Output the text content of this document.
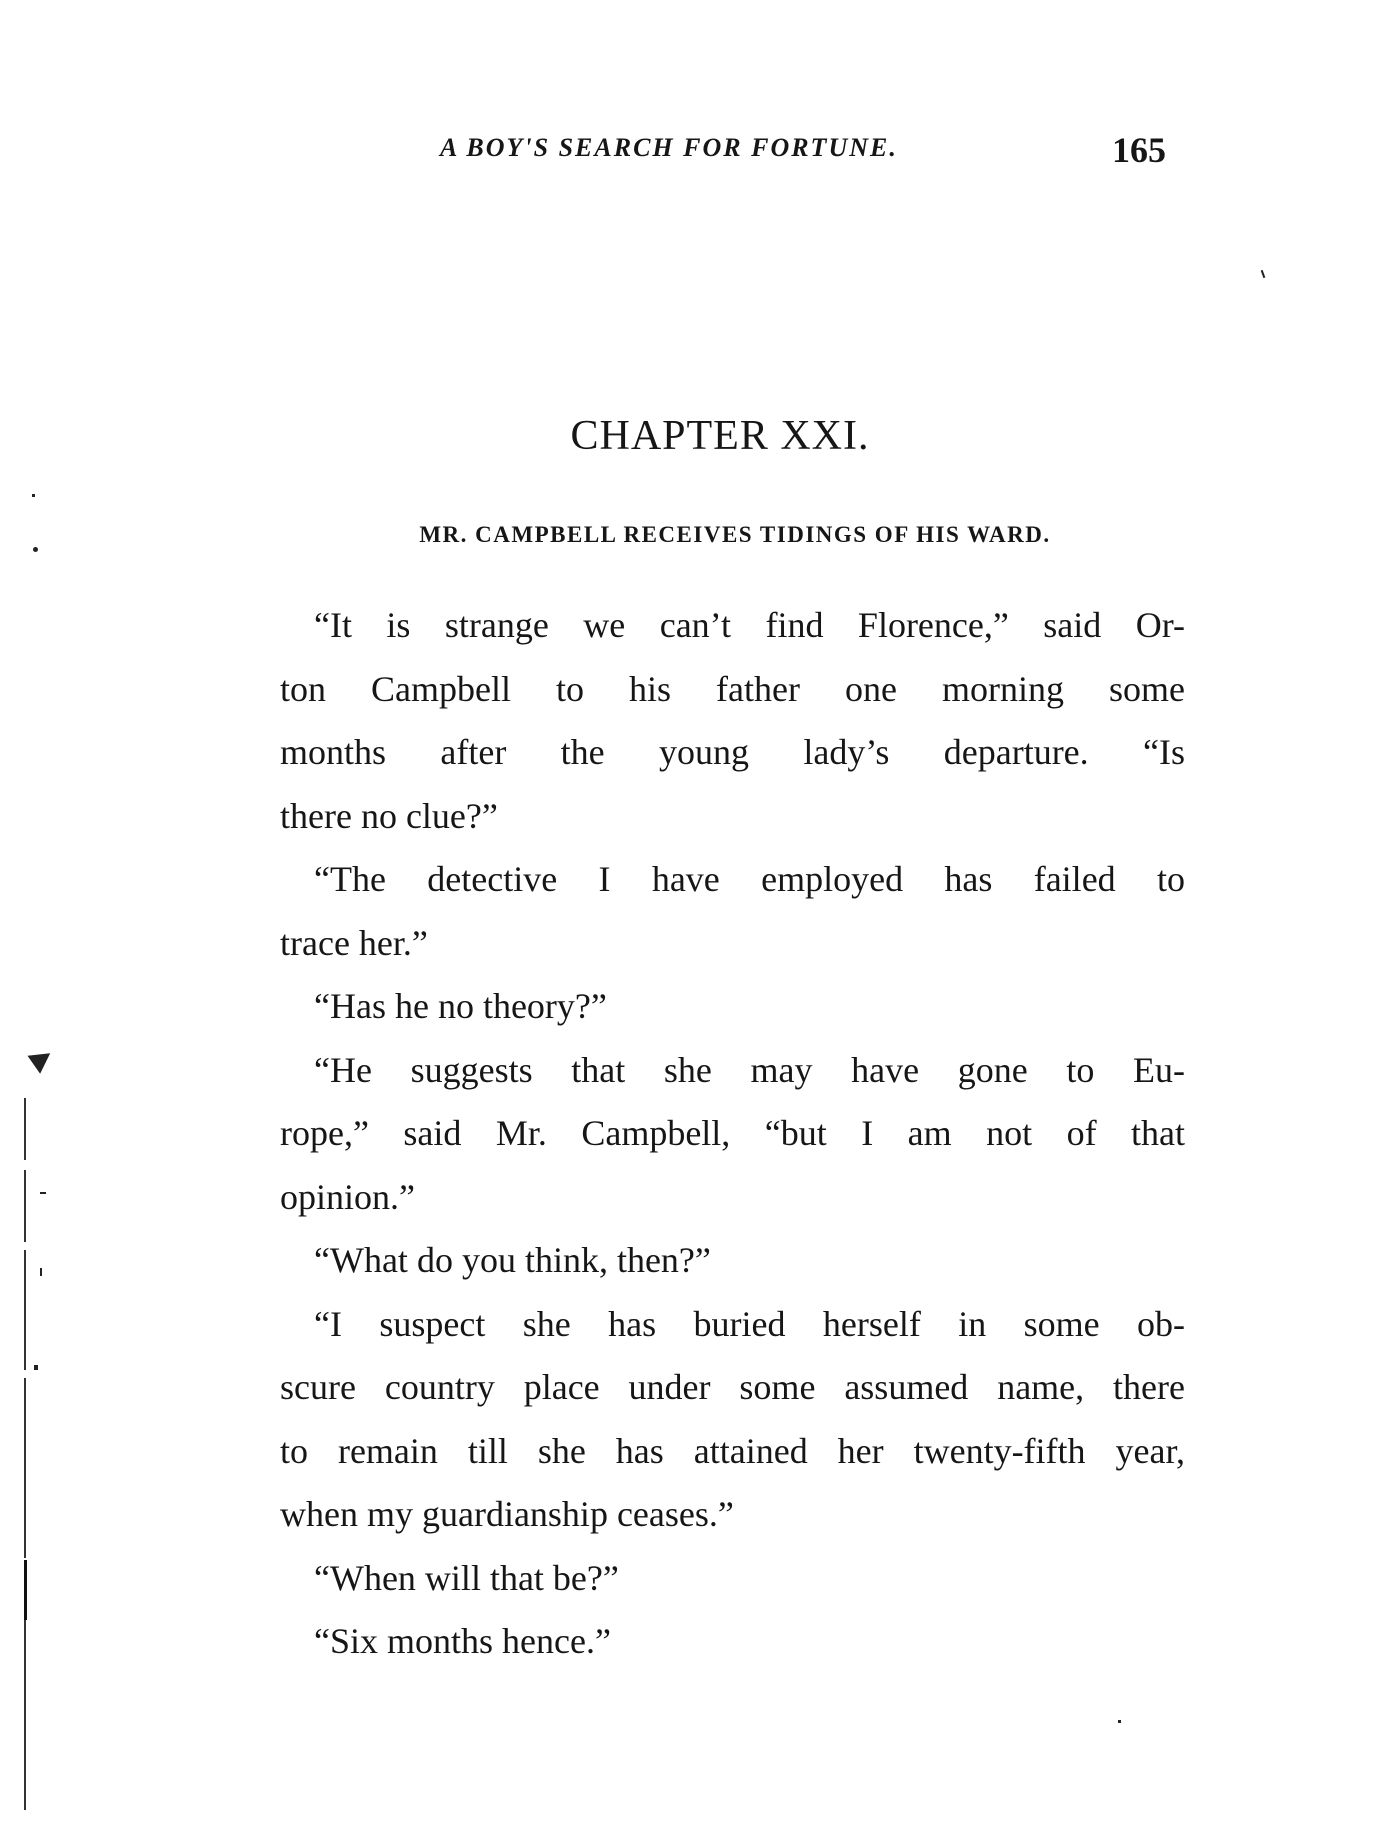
A BOY'S SEARCH FOR FORTUNE.	165
CHAPTER XXI.
MR. CAMPBELL RECEIVES TIDINGS OF HIS WARD.
“It is strange we can’t find Florence,” said Or-
ton Campbell to his father one morning some
months after the young lady’s departure. “Is
there no clue?”
“The detective I have employed has failed to
trace her.”
“Has he no theory?”
“He suggests that she may have gone to Eu-
rope,” said Mr. Campbell, “but I am not of that
opinion.”
“What do you think, then?”
“I suspect she has buried herself in some ob-
scure country place under some assumed name, there
to remain till she has attained her twenty-fifth year,
when my guardianship ceases.”
“When will that be?”
“Six months hence.”
